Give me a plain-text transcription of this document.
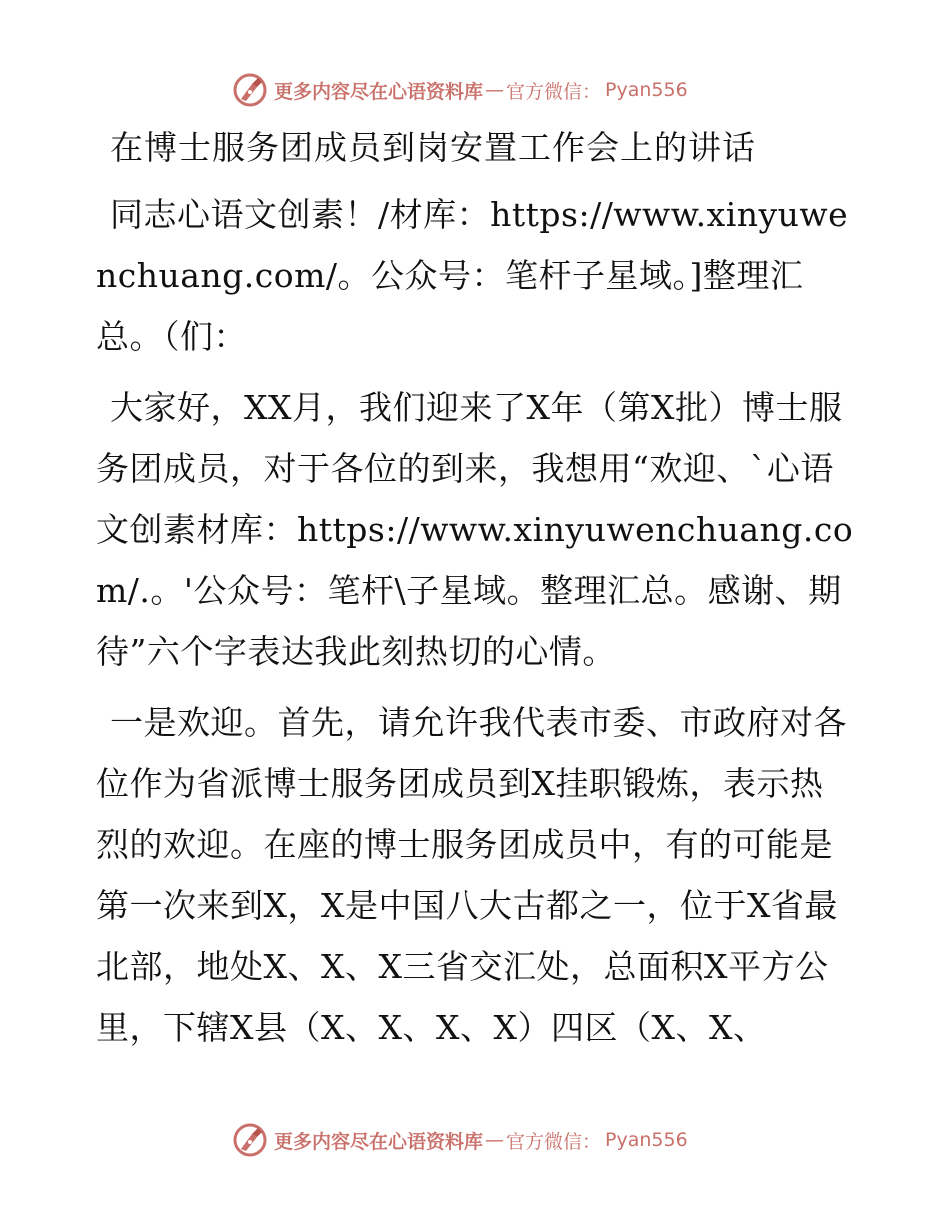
更多内容尽在心语资料库 — 官方微信： Pyan556
在博士服务团成员到岗安置工作会上的讲话
同志心语文创素！/材库：https://www.xinyuwenchuang.com/。公众号：笔杆子星域。]整理汇总。（们：
大家好，XX月，我们迎来了X年（第X批）博士服务团成员，对于各位的到来，我想用“欢迎、`心语文创素材库：https://www.xinyuwenchuang.com/.。'公众号：笔杆\子星域。整理汇总。感谢、期待”六个字表达我此刻热切的心情。
一是欢迎。首先，请允许我代表市委、市政府对各位作为省派博士服务团成员到X挂职锻炼，表示热烈的欢迎。在座的博士服务团成员中，有的可能是第一次来到X，X是中国八大古都之一，位于X省最北部，地处X、X、X三省交汇处，总面积X平方公里，下辖X县（X、X、X、X）四区（X、X、
更多内容尽在心语资料库 — 官方微信： Pyan556
